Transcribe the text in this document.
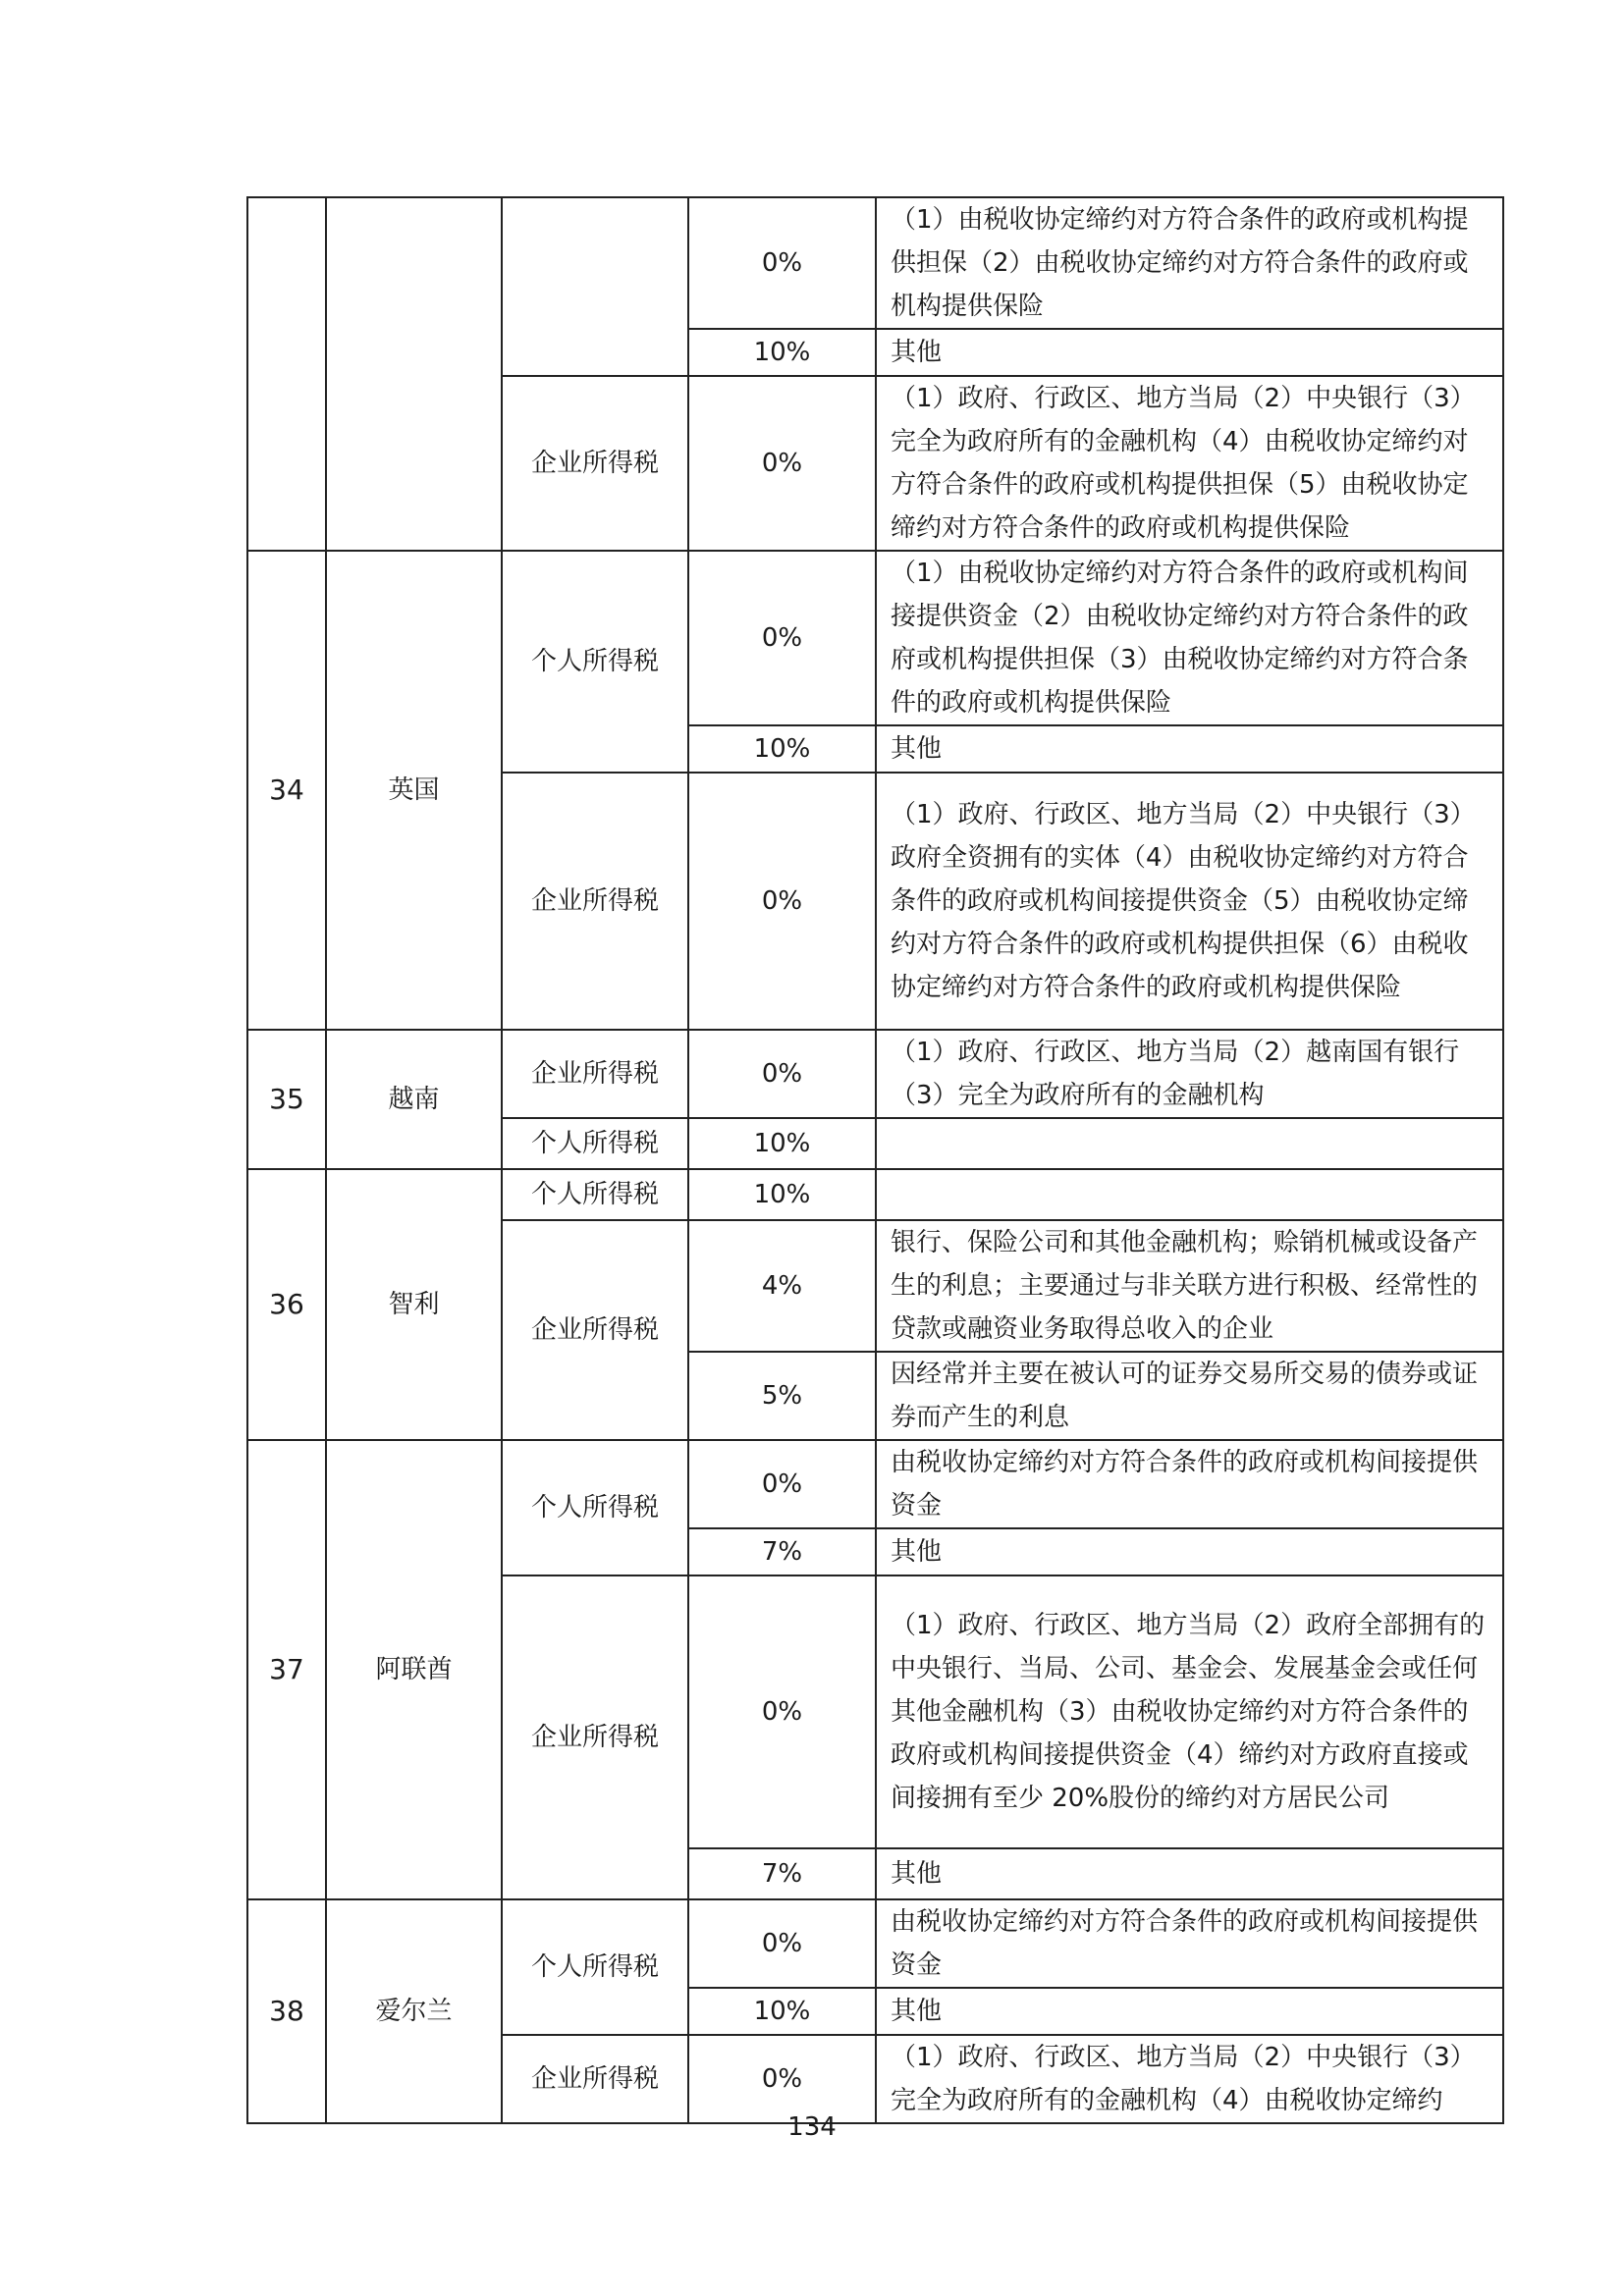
			0%	（1）由税收协定缔约对方符合条件的政府或机构提供担保（2）由税收协定缔约对方符合条件的政府或机构提供保险
			10%	其他
		企业所得税	0%	（1）政府、行政区、地方当局（2）中央银行（3）完全为政府所有的金融机构（4）由税收协定缔约对方符合条件的政府或机构提供担保（5）由税收协定缔约对方符合条件的政府或机构提供保险
34	英国	个人所得税	0%	（1）由税收协定缔约对方符合条件的政府或机构间接提供资金（2）由税收协定缔约对方符合条件的政府或机构提供担保（3）由税收协定缔约对方符合条件的政府或机构提供保险
			10%	其他
		企业所得税	0%	（1）政府、行政区、地方当局（2）中央银行（3）政府全资拥有的实体（4）由税收协定缔约对方符合条件的政府或机构间接提供资金（5）由税收协定缔约对方符合条件的政府或机构提供担保（6）由税收协定缔约对方符合条件的政府或机构提供保险
35	越南	企业所得税	0%	（1）政府、行政区、地方当局（2）越南国有银行（3）完全为政府所有的金融机构
		个人所得税	10%	
36	智利	个人所得税	10%	
		企业所得税	4%	银行、保险公司和其他金融机构；赊销机械或设备产生的利息；主要通过与非关联方进行积极、经常性的贷款或融资业务取得总收入的企业
			5%	因经常并主要在被认可的证券交易所交易的债券或证券而产生的利息
37	阿联酋	个人所得税	0%	由税收协定缔约对方符合条件的政府或机构间接提供资金
			7%	其他
		企业所得税	0%	（1）政府、行政区、地方当局（2）政府全部拥有的中央银行、当局、公司、基金会、发展基金会或任何其他金融机构（3）由税收协定缔约对方符合条件的政府或机构间接提供资金（4）缔约对方政府直接或间接拥有至少 20%股份的缔约对方居民公司
			7%	其他
38	爱尔兰	个人所得税	0%	由税收协定缔约对方符合条件的政府或机构间接提供资金
			10%	其他
		企业所得税	0%	（1）政府、行政区、地方当局（2）中央银行（3）完全为政府所有的金融机构（4）由税收协定缔约
134
